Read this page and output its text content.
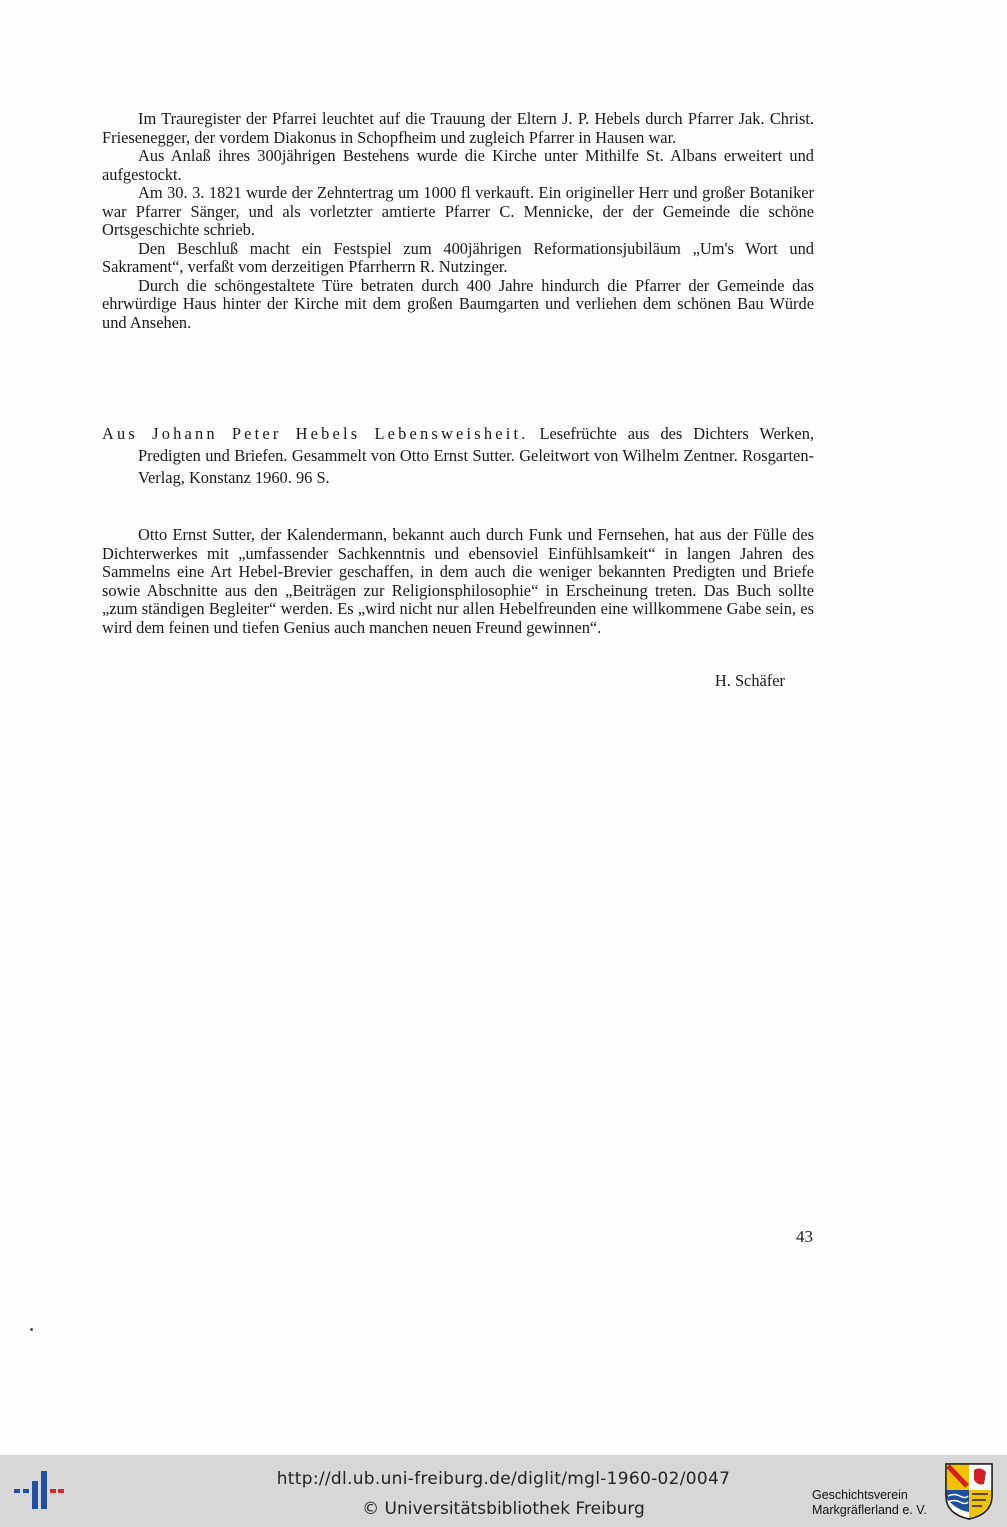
Im Trauregister der Pfarrei leuchtet auf die Trauung der Eltern J. P. Hebels durch Pfarrer Jak. Christ. Friesenegger, der vordem Diakonus in Schopfheim und zugleich Pfarrer in Hausen war.

Aus Anlaß ihres 300jährigen Bestehens wurde die Kirche unter Mithilfe St. Albans erweitert und aufgestockt.

Am 30. 3. 1821 wurde der Zehntertrag um 1000 fl verkauft. Ein origineller Herr und großer Botaniker war Pfarrer Sänger, und als vorletzter amtierte Pfarrer C. Mennicke, der der Gemeinde die schöne Ortsgeschichte schrieb.

Den Beschluß macht ein Festspiel zum 400jährigen Reformationsjubiläum „Um's Wort und Sakrament“, verfaßt vom derzeitigen Pfarrherrn R. Nutzinger.

Durch die schöngestaltete Türe betraten durch 400 Jahre hindurch die Pfarrer der Gemeinde das ehrwürdige Haus hinter der Kirche mit dem großen Baumgarten und verliehen dem schönen Bau Würde und Ansehen.

Aus Johann Peter Hebels Lebensweisheit. Lesefrüchte aus des Dichters Werken, Predigten und Briefen. Gesammelt von Otto Ernst Sutter. Geleitwort von Wilhelm Zentner. Rosgarten-Verlag, Konstanz 1960. 96 S.

Otto Ernst Sutter, der Kalendermann, bekannt auch durch Funk und Fernsehen, hat aus der Fülle des Dichterwerkes mit „umfassender Sachkenntnis und ebensoviel Einfühlsamkeit“ in langen Jahren des Sammelns eine Art Hebel-Brevier geschaffen, in dem auch die weniger bekannten Predigten und Briefe sowie Abschnitte aus den „Beiträgen zur Religionsphilosophie“ in Erscheinung treten. Das Buch sollte „zum ständigen Begleiter“ werden. Es „wird nicht nur allen Hebelfreunden eine willkommene Gabe sein, es wird dem feinen und tiefen Genius auch manchen neuen Freund gewinnen“.

H. Schäfer
43
http://dl.ub.uni-freiburg.de/diglit/mgl-1960-02/0047
© Universitätsbibliothek Freiburg
Geschichtsverein
Markgräflerland e. V.
